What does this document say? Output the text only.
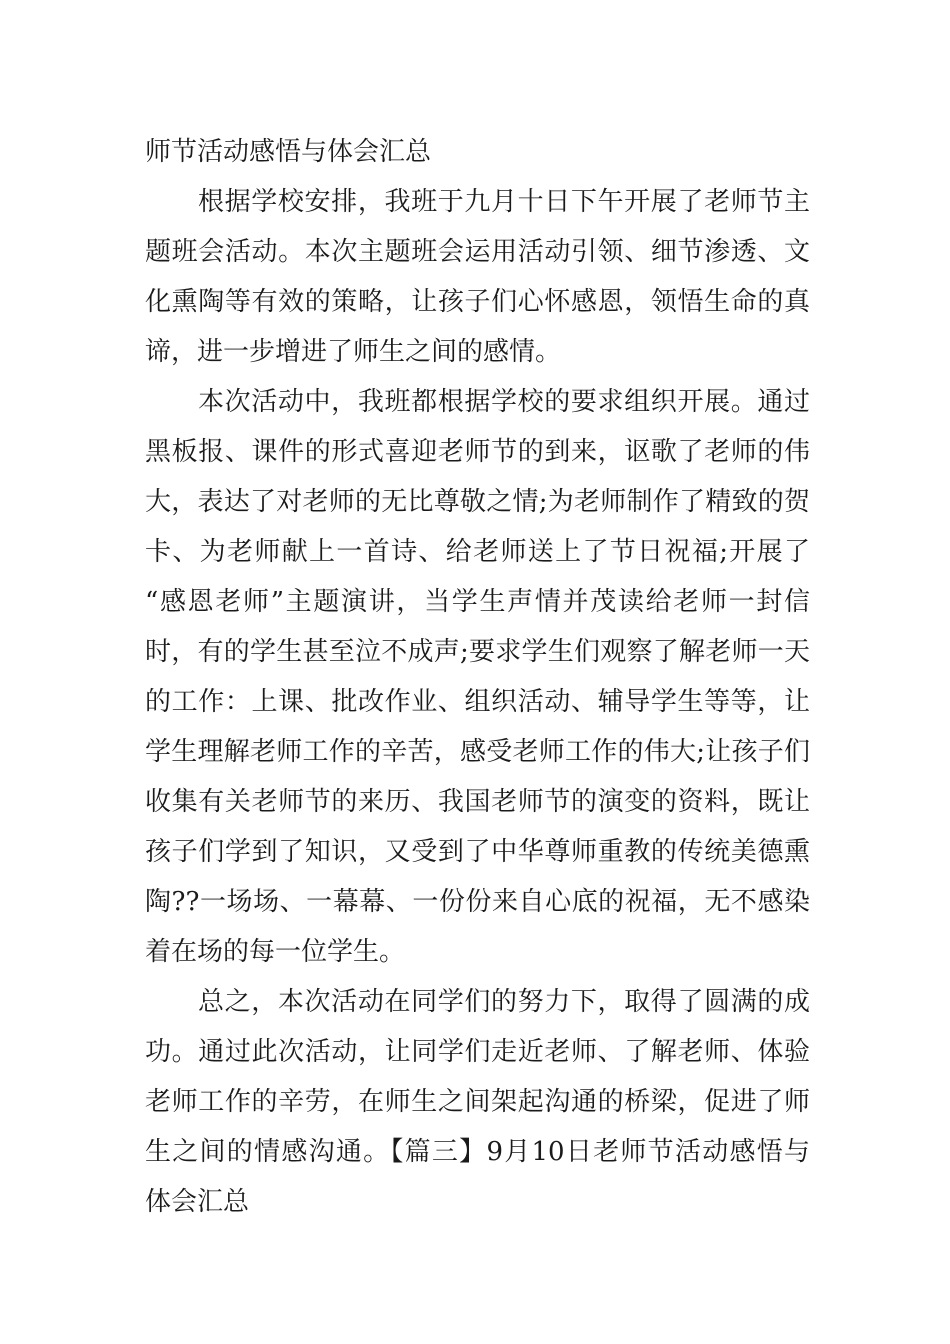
师节活动感悟与体会汇总
根据学校安排，我班于九月十日下午开展了老师节主
题班会活动。本次主题班会运用活动引领、细节渗透、文
化熏陶等有效的策略，让孩子们心怀感恩，领悟生命的真
谛，进一步增进了师生之间的感情。
本次活动中，我班都根据学校的要求组织开展。通过
黑板报、课件的形式喜迎老师节的到来，讴歌了老师的伟
大，表达了对老师的无比尊敬之情;为老师制作了精致的贺
卡、为老师献上一首诗、给老师送上了节日祝福;开展了
“感恩老师”主题演讲，当学生声情并茂读给老师一封信
时，有的学生甚至泣不成声;要求学生们观察了解老师一天
的工作：上课、批改作业、组织活动、辅导学生等等，让
学生理解老师工作的辛苦，感受老师工作的伟大;让孩子们
收集有关老师节的来历、我国老师节的演变的资料，既让
孩子们学到了知识，又受到了中华尊师重教的传统美德熏
陶??一场场、一幕幕、一份份来自心底的祝福，无不感染
着在场的每一位学生。
总之，本次活动在同学们的努力下，取得了圆满的成
功。通过此次活动，让同学们走近老师、了解老师、体验
老师工作的辛劳，在师生之间架起沟通的桥梁，促进了师
生之间的情感沟通。【篇三】9月10日老师节活动感悟与
体会汇总
